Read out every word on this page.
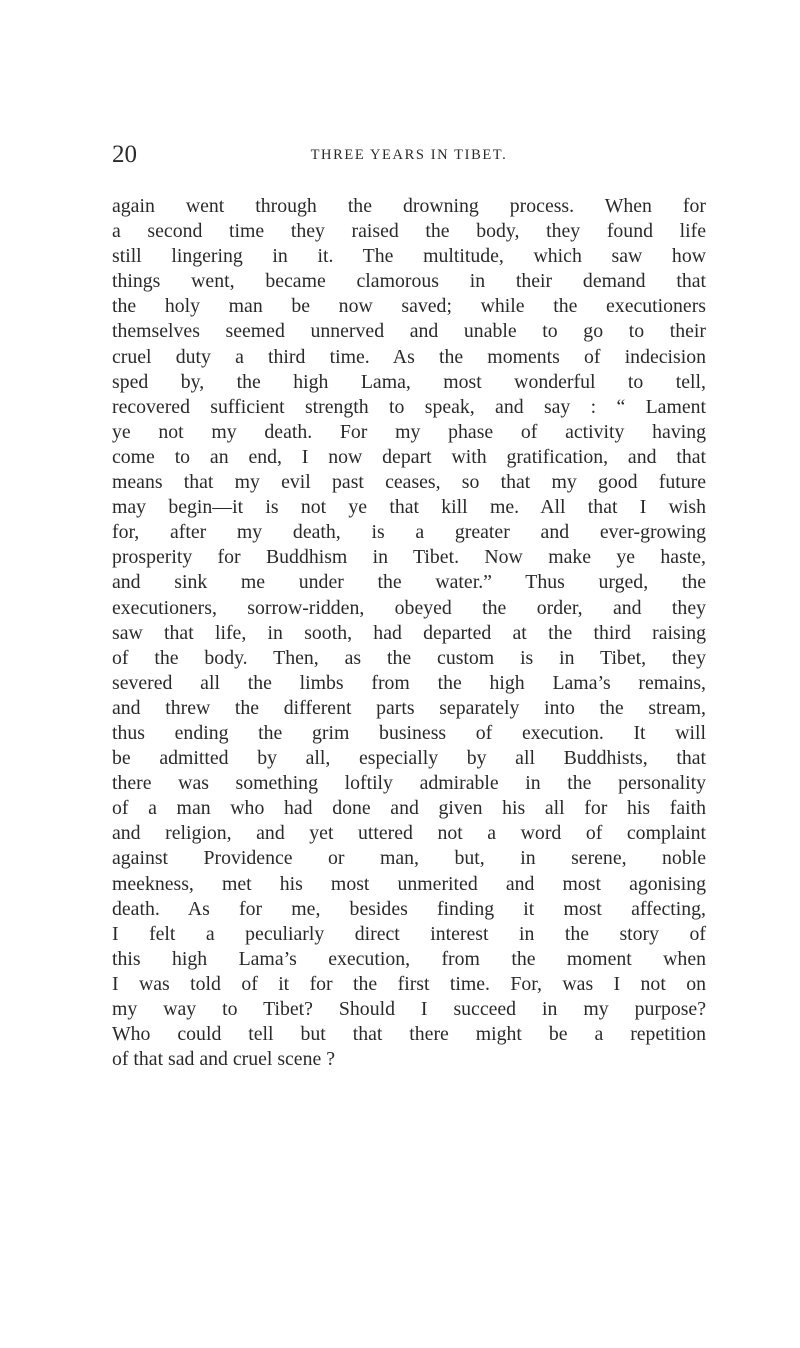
20	THREE YEARS IN TIBET.
again went through the drowning process. When for
a second time they raised the body, they found life
still lingering in it. The multitude, which saw how
things went, became clamorous in their demand that
the holy man be now saved; while the executioners
themselves seemed unnerved and unable to go to their
cruel duty a third time. As the moments of indecision
sped by, the high Lama, most wonderful to tell,
recovered sufficient strength to speak, and say : “ Lament
ye not my death. For my phase of activity having
come to an end, I now depart with gratification, and that
means that my evil past ceases, so that my good future
may begin—it is not ye that kill me. All that I wish
for, after my death, is a greater and ever-growing
prosperity for Buddhism in Tibet. Now make ye haste,
and sink me under the water.” Thus urged, the
executioners, sorrow-ridden, obeyed the order, and they
saw that life, in sooth, had departed at the third raising
of the body. Then, as the custom is in Tibet, they
severed all the limbs from the high Lama’s remains,
and threw the different parts separately into the stream,
thus ending the grim business of execution. It will
be admitted by all, especially by all Buddhists, that
there was something loftily admirable in the personality
of a man who had done and given his all for his faith
and religion, and yet uttered not a word of complaint
against Providence or man, but, in serene, noble
meekness, met his most unmerited and most agonising
death. As for me, besides finding it most affecting,
I felt a peculiarly direct interest in the story of
this high Lama’s execution, from the moment when
I was told of it for the first time. For, was I not on
my way to Tibet? Should I succeed in my purpose?
Who could tell but that there might be a repetition
of that sad and cruel scene ?
